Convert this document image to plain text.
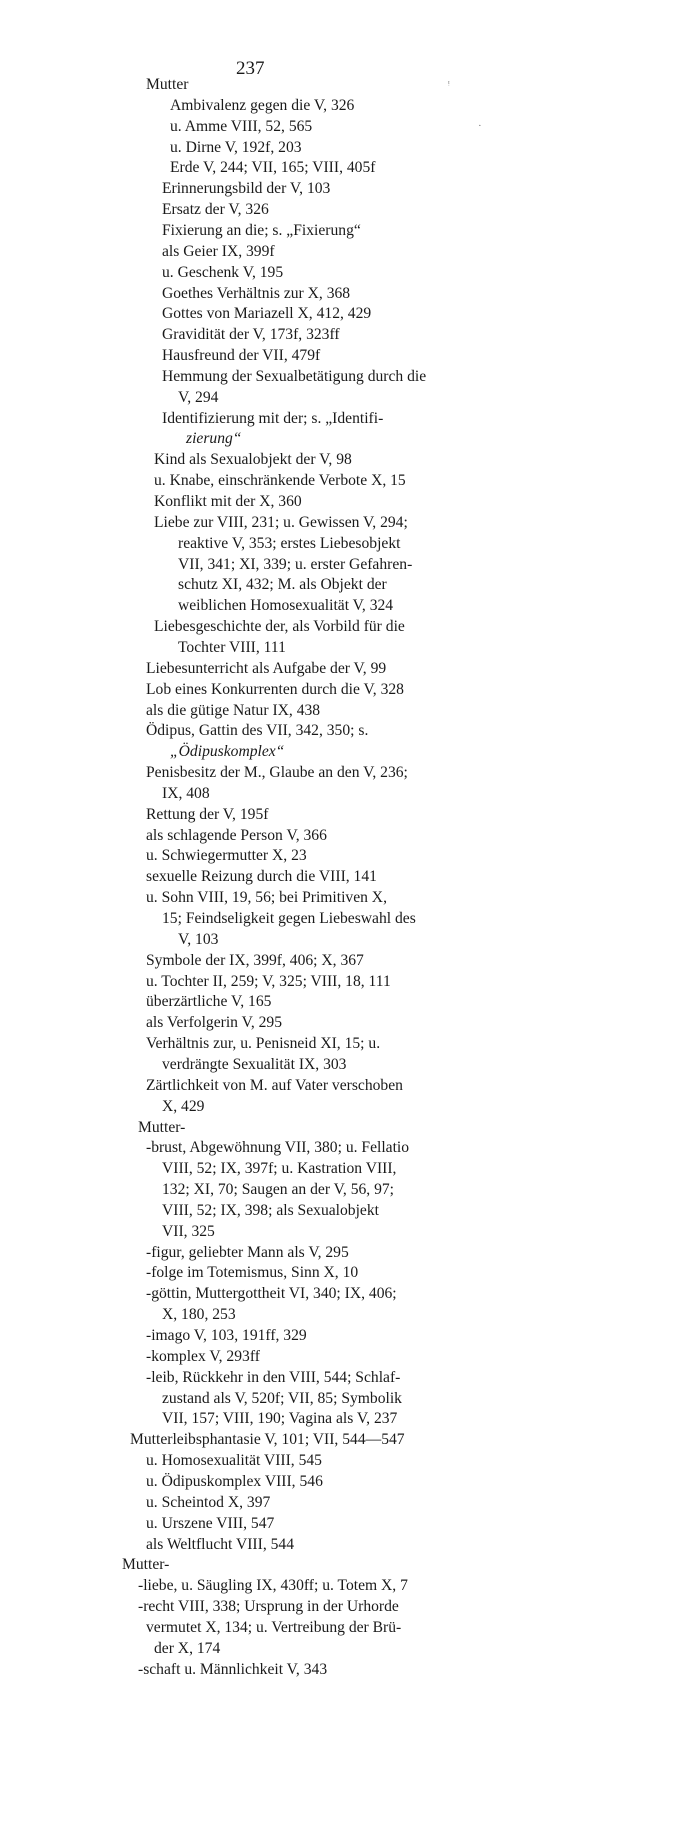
237
Mutter
Ambivalenz gegen die V, 326
u. Amme VIII, 52, 565
u. Dirne V, 192f, 203
Erde V, 244; VII, 165; VIII, 405f
Erinnerungsbild der V, 103
Ersatz der V, 326
Fixierung an die; s. „Fixierung“
als Geier IX, 399f
u. Geschenk V, 195
Goethes Verhältnis zur X, 368
Gottes von Mariazell X, 412, 429
Gravidität der V, 173f, 323ff
Hausfreund der VII, 479f
Hemmung der Sexualbetätigung durch die
V, 294
Identifizierung mit der; s. „Identifi-
zierung“
Kind als Sexualobjekt der V, 98
u. Knabe, einschränkende Verbote X, 15
Konflikt mit der X, 360
Liebe zur VIII, 231; u. Gewissen V, 294;
reaktive V, 353; erstes Liebesobjekt
VII, 341; XI, 339; u. erster Gefahren-
schutz XI, 432; M. als Objekt der
weiblichen Homosexualität V, 324
Liebesgeschichte der, als Vorbild für die
Tochter VIII, 111
Liebesunterricht als Aufgabe der V, 99
Lob eines Konkurrenten durch die V, 328
als die gütige Natur IX, 438
Ödipus, Gattin des VII, 342, 350; s.
„Ödipuskomplex“
Penisbesitz der M., Glaube an den V, 236;
IX, 408
Rettung der V, 195f
als schlagende Person V, 366
u. Schwiegermutter X, 23
sexuelle Reizung durch die VIII, 141
u. Sohn VIII, 19, 56; bei Primitiven X,
15; Feindseligkeit gegen Liebeswahl des
V, 103
Symbole der IX, 399f, 406; X, 367
u. Tochter II, 259; V, 325; VIII, 18, 111
überzärtliche V, 165
als Verfolgerin V, 295
Verhältnis zur, u. Penisneid XI, 15; u.
verdrängte Sexualität IX, 303
Zärtlichkeit von M. auf Vater verschoben
X, 429
Mutter-
-brust, Abgewöhnung VII, 380; u. Fellatio
VIII, 52; IX, 397f; u. Kastration VIII,
132; XI, 70; Saugen an der V, 56, 97;
VIII, 52; IX, 398; als Sexualobjekt
VII, 325
-figur, geliebter Mann als V, 295
-folge im Totemismus, Sinn X, 10
-göttin, Muttergottheit VI, 340; IX, 406;
X, 180, 253
-imago V, 103, 191ff, 329
-komplex V, 293ff
-leib, Rückkehr in den VIII, 544; Schlaf-
zustand als V, 520f; VII, 85; Symbolik
VII, 157; VIII, 190; Vagina als V, 237
Mutterleibsphantasie V, 101; VII, 544—547
u. Homosexualität VIII, 545
u. Ödipuskomplex VIII, 546
u. Scheintod X, 397
u. Urszene VIII, 547
als Weltflucht VIII, 544
Mutter-
-liebe, u. Säugling IX, 430ff; u. Totem X, 7
-recht VIII, 338; Ursprung in der Urhorde
vermutet X, 134; u. Vertreibung der Brü-
der X, 174
-schaft u. Männlichkeit V, 343
ᵎ
·
